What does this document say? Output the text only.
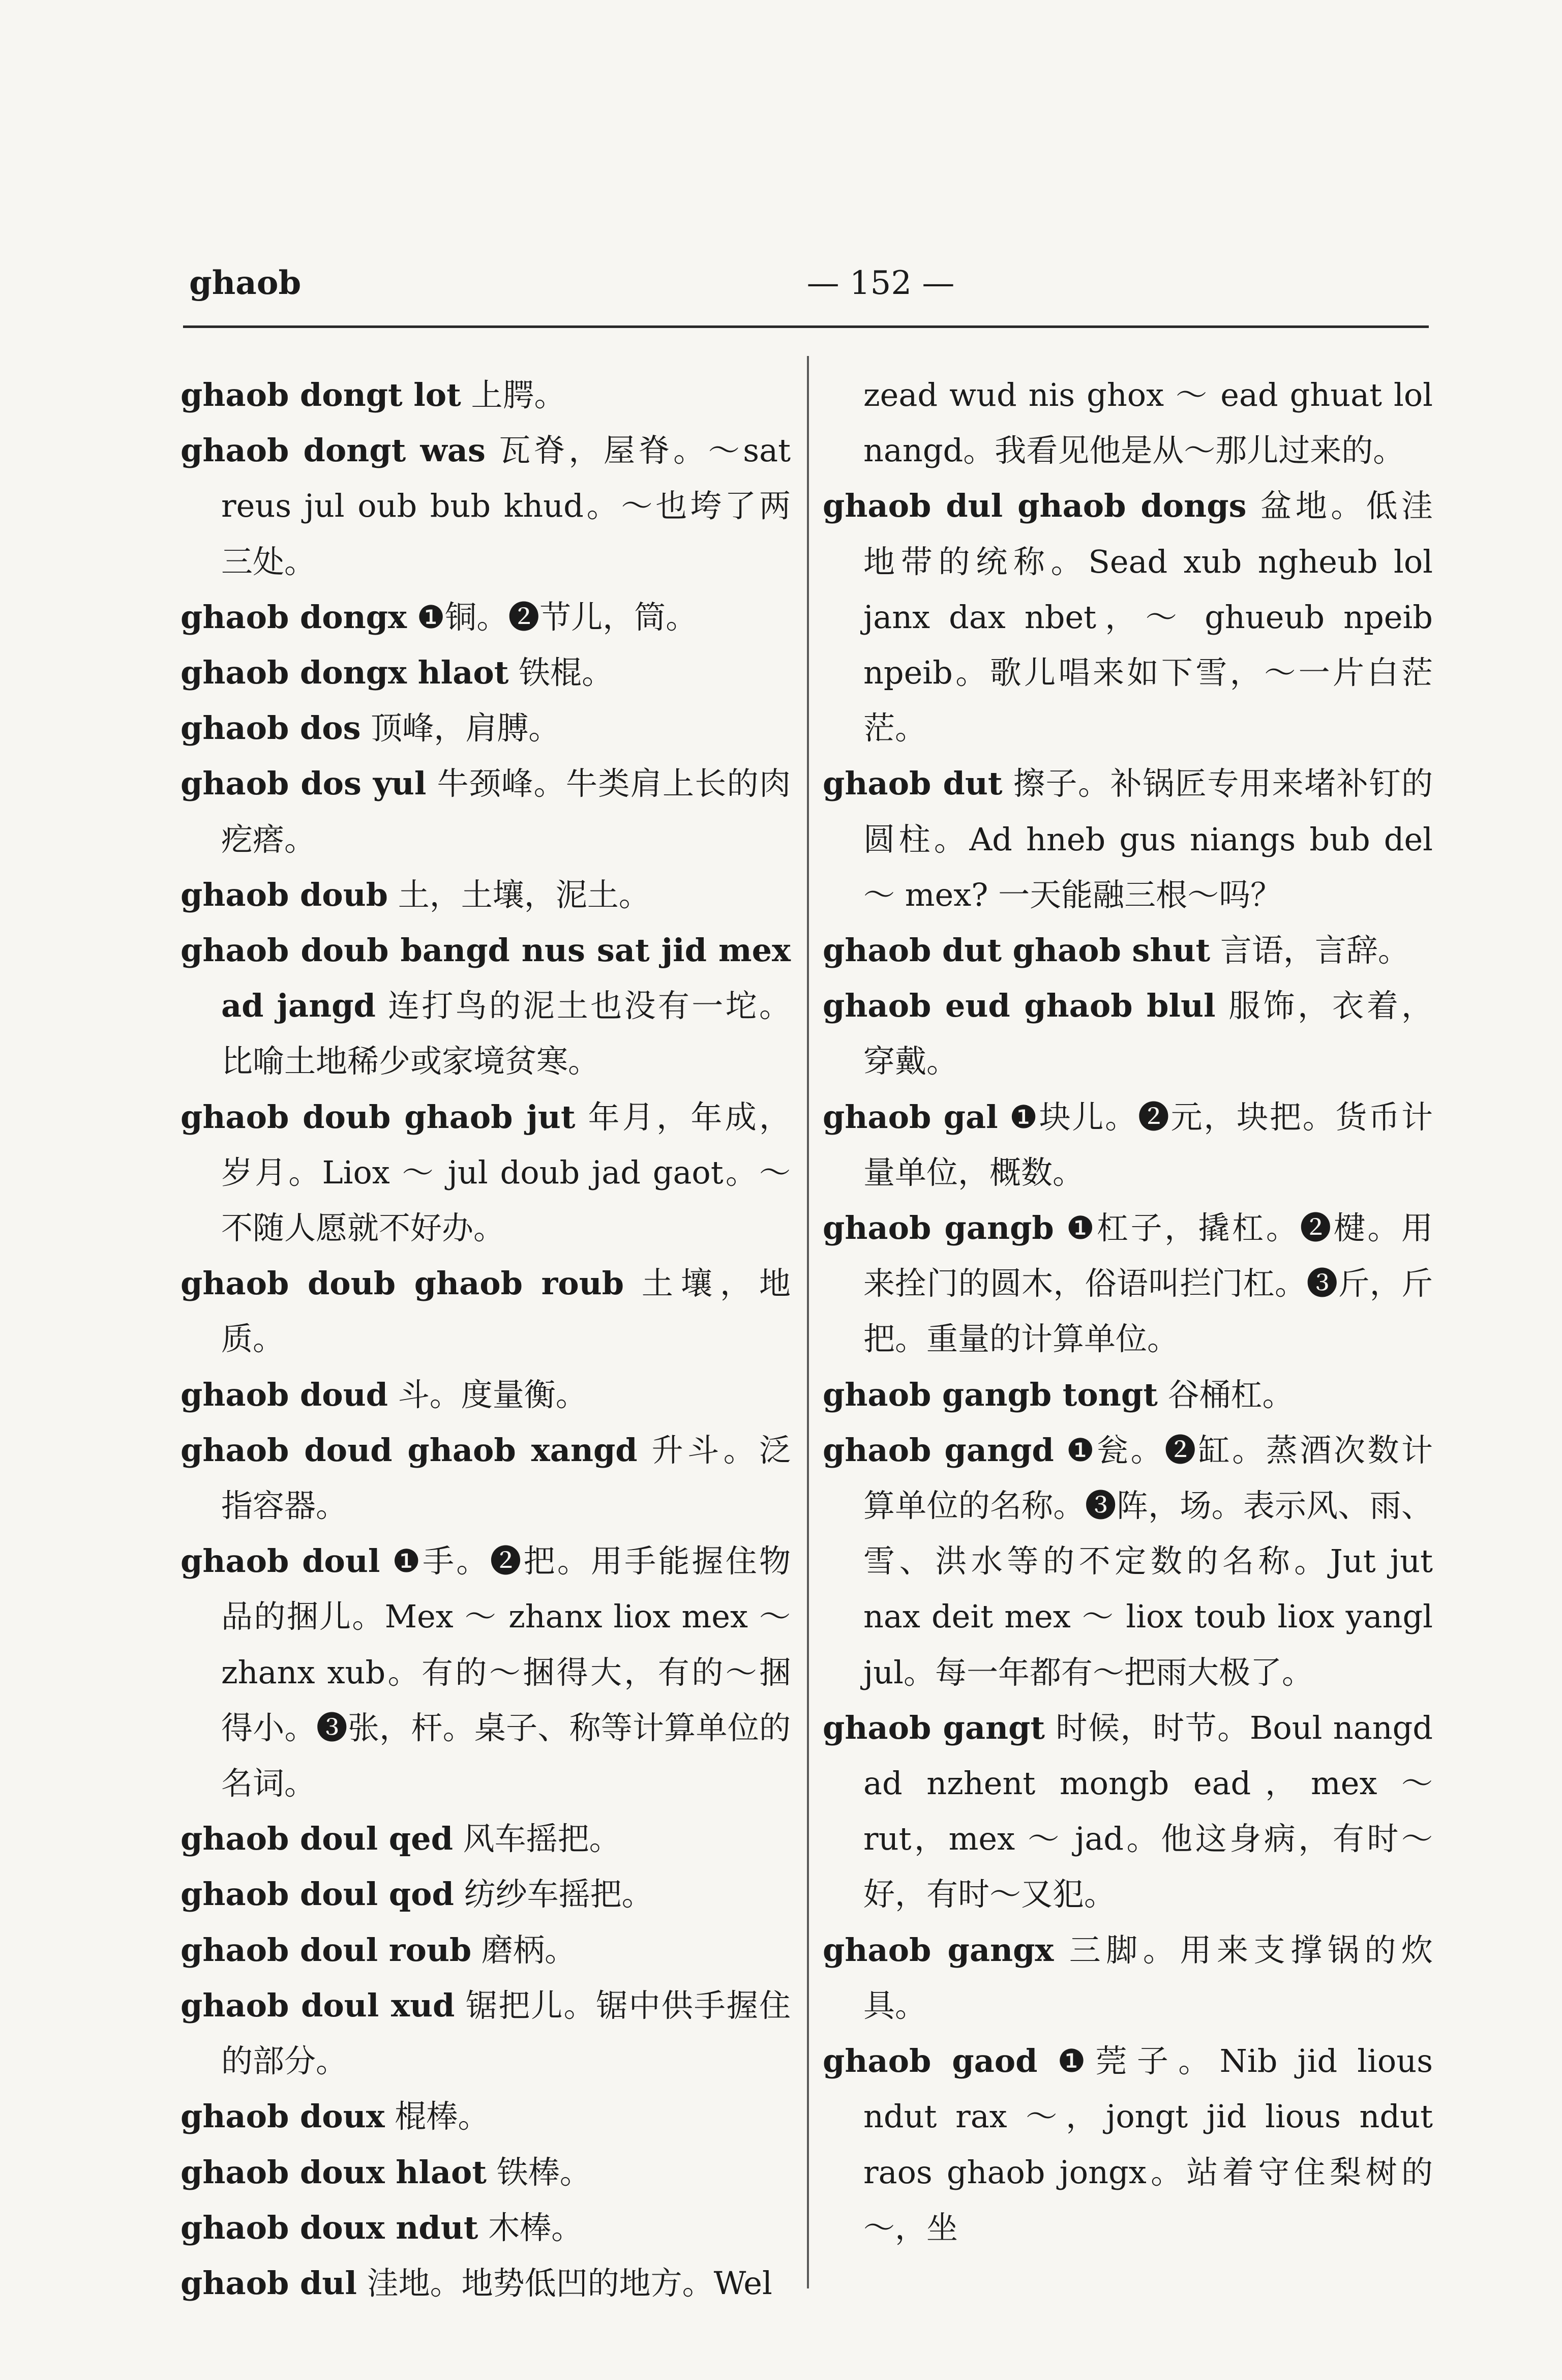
ghaob	— 152 —

ghaob dongt lot 上腭。

ghaob dongt was 瓦脊，屋脊。～sat reus jul oub bub khud。～也垮了两三处。

ghaob dongx ❶铜。❷节儿，筒。

ghaob dongx hlaot 铁棍。

ghaob dos 顶峰，肩膊。

ghaob dos yul 牛颈峰。牛类肩上长的肉疙瘩。

ghaob doub 土，土壤，泥土。

ghaob doub bangd nus sat jid mex ad jangd 连打鸟的泥土也没有一坨。比喻土地稀少或家境贫寒。

ghaob doub ghaob jut 年月，年成，岁月。Liox ～ jul doub jad gaot。～不随人愿就不好办。

ghaob doub ghaob roub 土壤，地质。

ghaob doud 斗。度量衡。

ghaob doud ghaob xangd 升斗。泛指容器。

ghaob doul ❶手。❷把。用手能握住物品的捆儿。Mex ～ zhanx liox mex ～ zhanx xub。有的～捆得大，有的～捆得小。❸张，杆。桌子、称等计算单位的名词。

ghaob doul qed 风车摇把。

ghaob doul qod 纺纱车摇把。

ghaob doul roub 磨柄。

ghaob doul xud 锯把儿。锯中供手握住的部分。

ghaob doux 棍棒。

ghaob doux hlaot 铁棒。

ghaob doux ndut 木棒。

ghaob dul 洼地。地势低凹的地方。Wel

zead wud nis ghox ～ ead ghuat lol nangd。我看见他是从～那儿过来的。

ghaob dul ghaob dongs 盆地。低洼地带的统称。Sead xub ngheub lol janx dax nbet，～ ghueub npeib npeib。歌儿唱来如下雪，～一片白茫茫。

ghaob dut 擦子。补锅匠专用来堵补钉的圆柱。Ad hneb gus niangs bub del ～ mex? 一天能融三根～吗？

ghaob dut ghaob shut 言语，言辞。

ghaob eud ghaob blul 服饰，衣着，穿戴。

ghaob gal ❶块儿。❷元，块把。货币计量单位，概数。

ghaob gangb ❶杠子，撬杠。❷楗。用来拴门的圆木，俗语叫拦门杠。❸斤，斤把。重量的计算单位。

ghaob gangb tongt 谷桶杠。

ghaob gangd ❶瓮。❷缸。蒸酒次数计算单位的名称。❸阵，场。表示风、雨、雪、洪水等的不定数的名称。Jut jut nax deit mex ～ liox toub liox yangl jul。每一年都有～把雨大极了。

ghaob gangt 时候，时节。Boul nangd ad nzhent mongb ead，mex ～ rut，mex ～ jad。他这身病，有时～好，有时～又犯。

ghaob gangx 三脚。用来支撑锅的炊具。

ghaob gaod ❶莞子。Nib jid lious ndut rax ～，jongt jid lious ndut raos ghaob jongx。站着守住梨树的～，坐
